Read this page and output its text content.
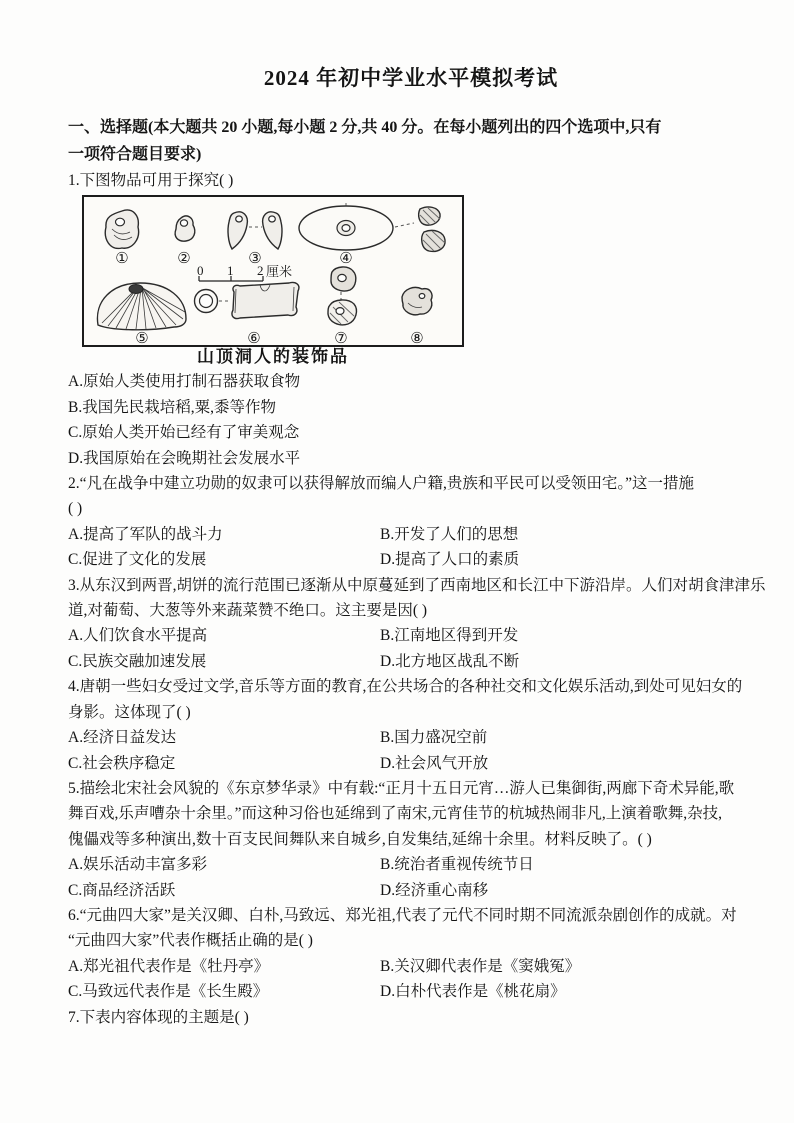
2024 年初中学业水平模拟考试
一、选择题(本大题共 20 小题,每小题 2 分,共 40 分。在每小题列出的四个选项中,只有
一项符合题目要求)
1.下图物品可用于探究( )
①	②	③	④
0 1 2 厘米
⑤	⑥	⑦	⑧
山顶洞人的装饰品
A.原始人类使用打制石器获取食物
B.我国先民栽培稻,粟,黍等作物
C.原始人类开始已经有了审美观念
D.我国原始在会晚期社会发展水平
2.“凡在战争中建立功勋的奴隶可以获得解放而编人户籍,贵族和平民可以受领田宅。”这一措施
( )
A.提高了军队的战斗力	B.开发了人们的思想
C.促进了文化的发展	D.提高了人口的素质
3.从东汉到两晋,胡饼的流行范围已逐渐从中原蔓延到了西南地区和长江中下游沿岸。人们对胡食津津乐
道,对葡萄、大葱等外来蔬菜赞不绝口。这主要是因( )
A.人们饮食水平提高	B.江南地区得到开发
C.民族交融加速发展	D.北方地区战乱不断
4.唐朝一些妇女受过文学,音乐等方面的教育,在公共场合的各种社交和文化娱乐活动,到处可见妇女的
身影。这体现了( )
A.经济日益发达	B.国力盛况空前
C.社会秩序稳定	D.社会风气开放
5.描绘北宋社会风貌的《东京梦华录》中有载:“正月十五日元宵…游人已集御街,两廊下奇术异能,歌
舞百戏,乐声嘈杂十余里。”而这种习俗也延绵到了南宋,元宵佳节的杭城热闹非凡,上演着歌舞,杂技,
傀儡戏等多种演出,数十百支民间舞队来自城乡,自发集结,延绵十余里。材料反映了。( )
A.娱乐活动丰富多彩	B.统治者重视传统节日
C.商品经济活跃	D.经济重心南移
6.“元曲四大家”是关汉卿、白朴,马致远、郑光祖,代表了元代不同时期不同流派杂剧创作的成就。对
“元曲四大家”代表作概括止确的是( )
A.郑光祖代表作是《牡丹亭》	B.关汉卿代表作是《窦娥冤》
C.马致远代表作是《长生殿》	D.白朴代表作是《桃花扇》
7.下表内容体现的主题是( )
